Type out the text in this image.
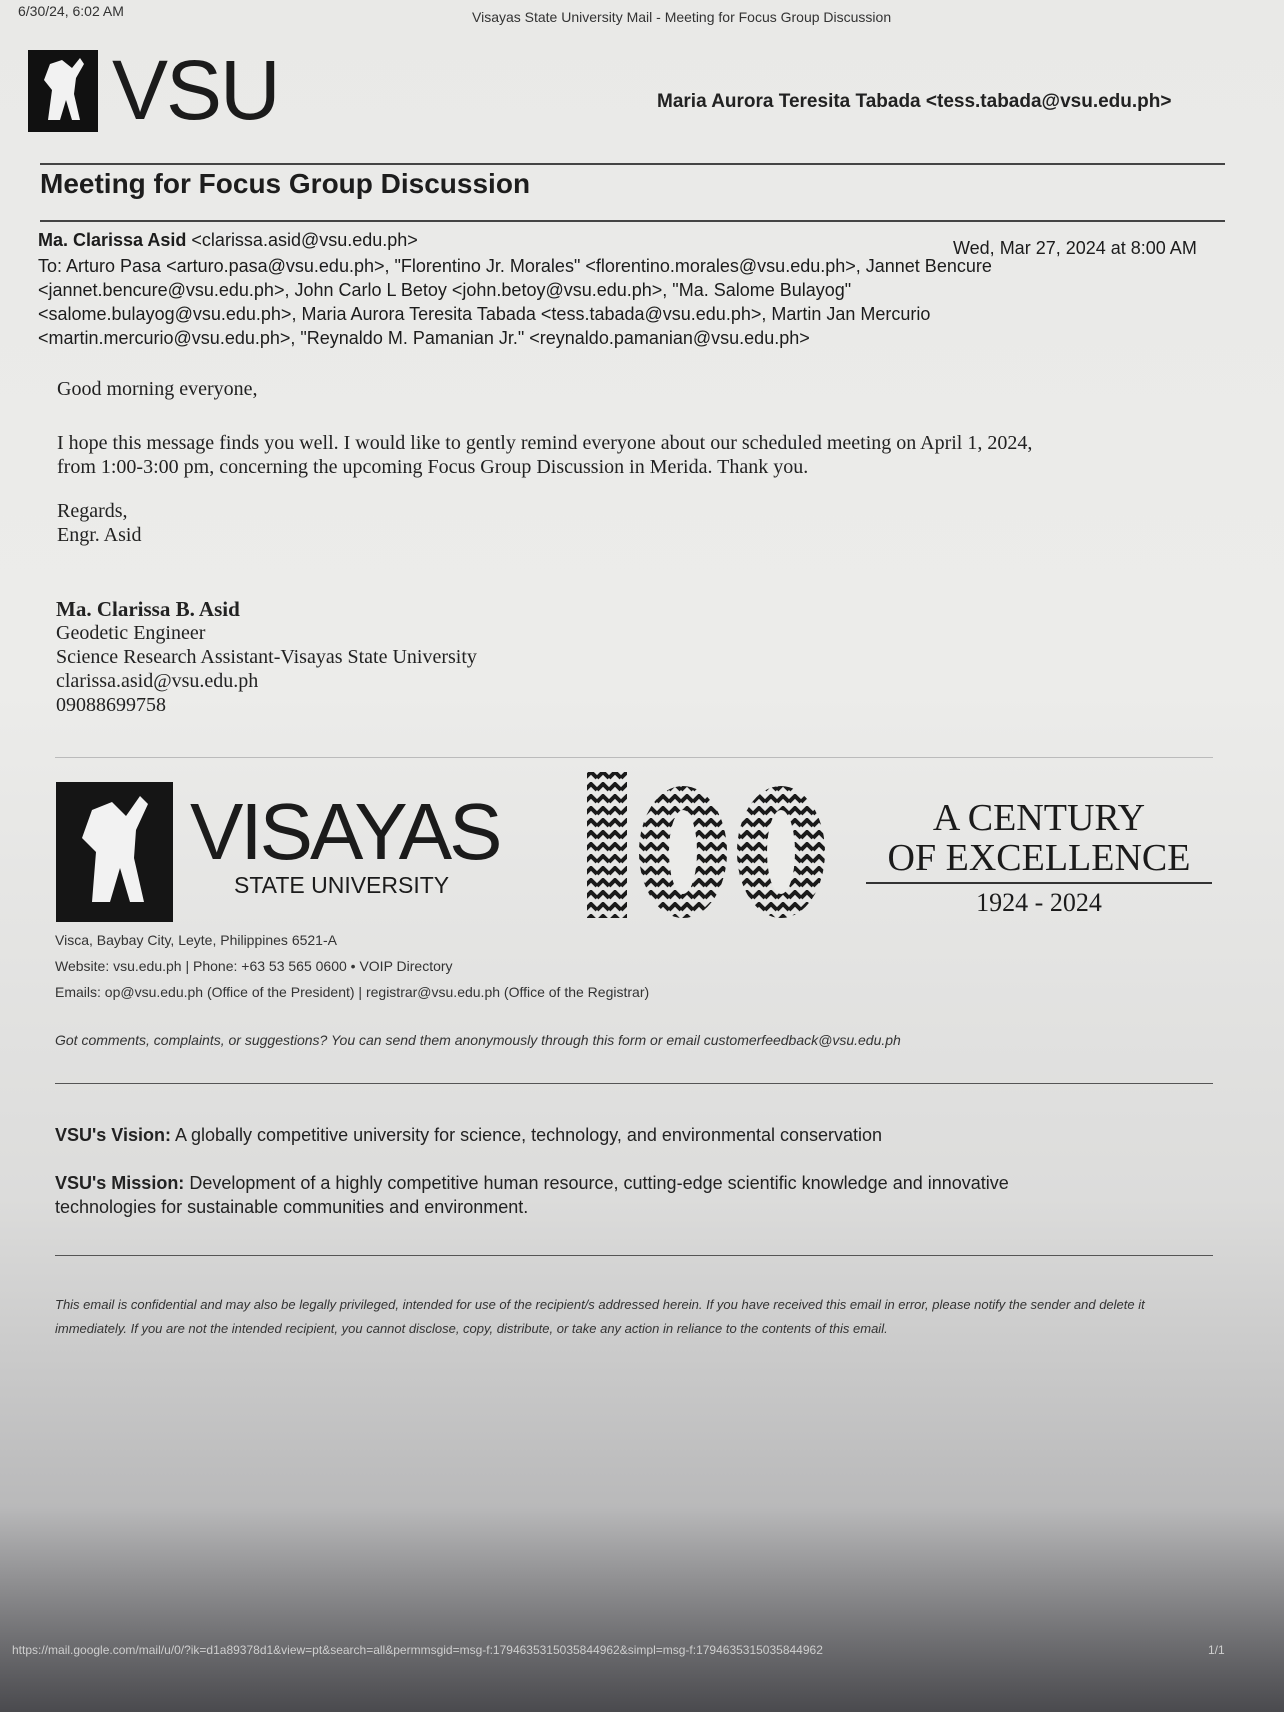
6/30/24, 6:02 AM	Visayas State University Mail - Meeting for Focus Group Discussion
VSU	Maria Aurora Teresita Tabada <tess.tabada@vsu.edu.ph>
Meeting for Focus Group Discussion
Ma. Clarissa Asid <clarissa.asid@vsu.edu.ph>	Wed, Mar 27, 2024 at 8:00 AM
To: Arturo Pasa <arturo.pasa@vsu.edu.ph>, "Florentino Jr. Morales" <florentino.morales@vsu.edu.ph>, Jannet Bencure
<jannet.bencure@vsu.edu.ph>, John Carlo L Betoy <john.betoy@vsu.edu.ph>, "Ma. Salome Bulayog"
<salome.bulayog@vsu.edu.ph>, Maria Aurora Teresita Tabada <tess.tabada@vsu.edu.ph>, Martin Jan Mercurio
<martin.mercurio@vsu.edu.ph>, "Reynaldo M. Pamanian Jr." <reynaldo.pamanian@vsu.edu.ph>
Good morning everyone,
I hope this message finds you well. I would like to gently remind everyone about our scheduled meeting on April 1, 2024,
from 1:00-3:00 pm, concerning the upcoming Focus Group Discussion in Merida. Thank you.
Regards,
Engr. Asid
Ma. Clarissa B. Asid
Geodetic Engineer
Science Research Assistant-Visayas State University
clarissa.asid@vsu.edu.ph
09088699758
VISAYAS
STATE UNIVERSITY
A CENTURY
OF EXCELLENCE
1924 - 2024
Visca, Baybay City, Leyte, Philippines 6521-A
Website: vsu.edu.ph | Phone: +63 53 565 0600 • VOIP Directory
Emails: op@vsu.edu.ph (Office of the President) | registrar@vsu.edu.ph (Office of the Registrar)
Got comments, complaints, or suggestions? You can send them anonymously through this form or email customerfeedback@vsu.edu.ph
VSU's Vision: A globally competitive university for science, technology, and environmental conservation
VSU's Mission: Development of a highly competitive human resource, cutting-edge scientific knowledge and innovative
technologies for sustainable communities and environment.
This email is confidential and may also be legally privileged, intended for use of the recipient/s addressed herein. If you have received this email in error, please notify the sender and delete it immediately. If you are not the intended recipient, you cannot disclose, copy, distribute, or take any action in reliance to the contents of this email.
https://mail.google.com/mail/u/0/?ik=d1a89378d1&view=pt&search=all&permmsgid=msg-f:1794635315035844962&simpl=msg-f:1794635315035844962	1/1
